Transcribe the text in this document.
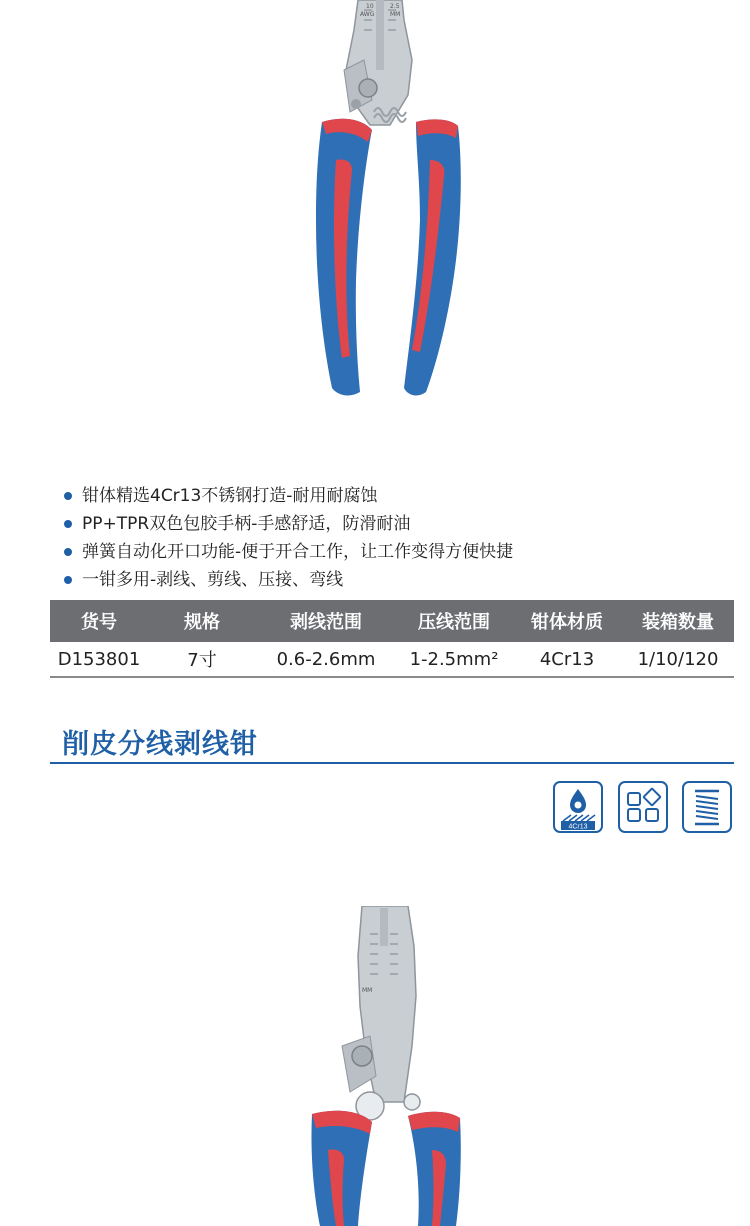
10
AWG
2.5
MM
钳体精选4Cr13不锈钢打造-耐用耐腐蚀
PP+TPR双色包胶手柄-手感舒适，防滑耐油
弹簧自动化开口功能-便于开合工作，让工作变得方便快捷
一钳多用-剥线、剪线、压接、弯线
货号	规格	剥线范围	压线范围	钳体材质	装箱数量
D153801	7寸	0.6-2.6mm	1-2.5mm²	4Cr13	1/10/120
削皮分线剥线钳
4Cr13
MM
